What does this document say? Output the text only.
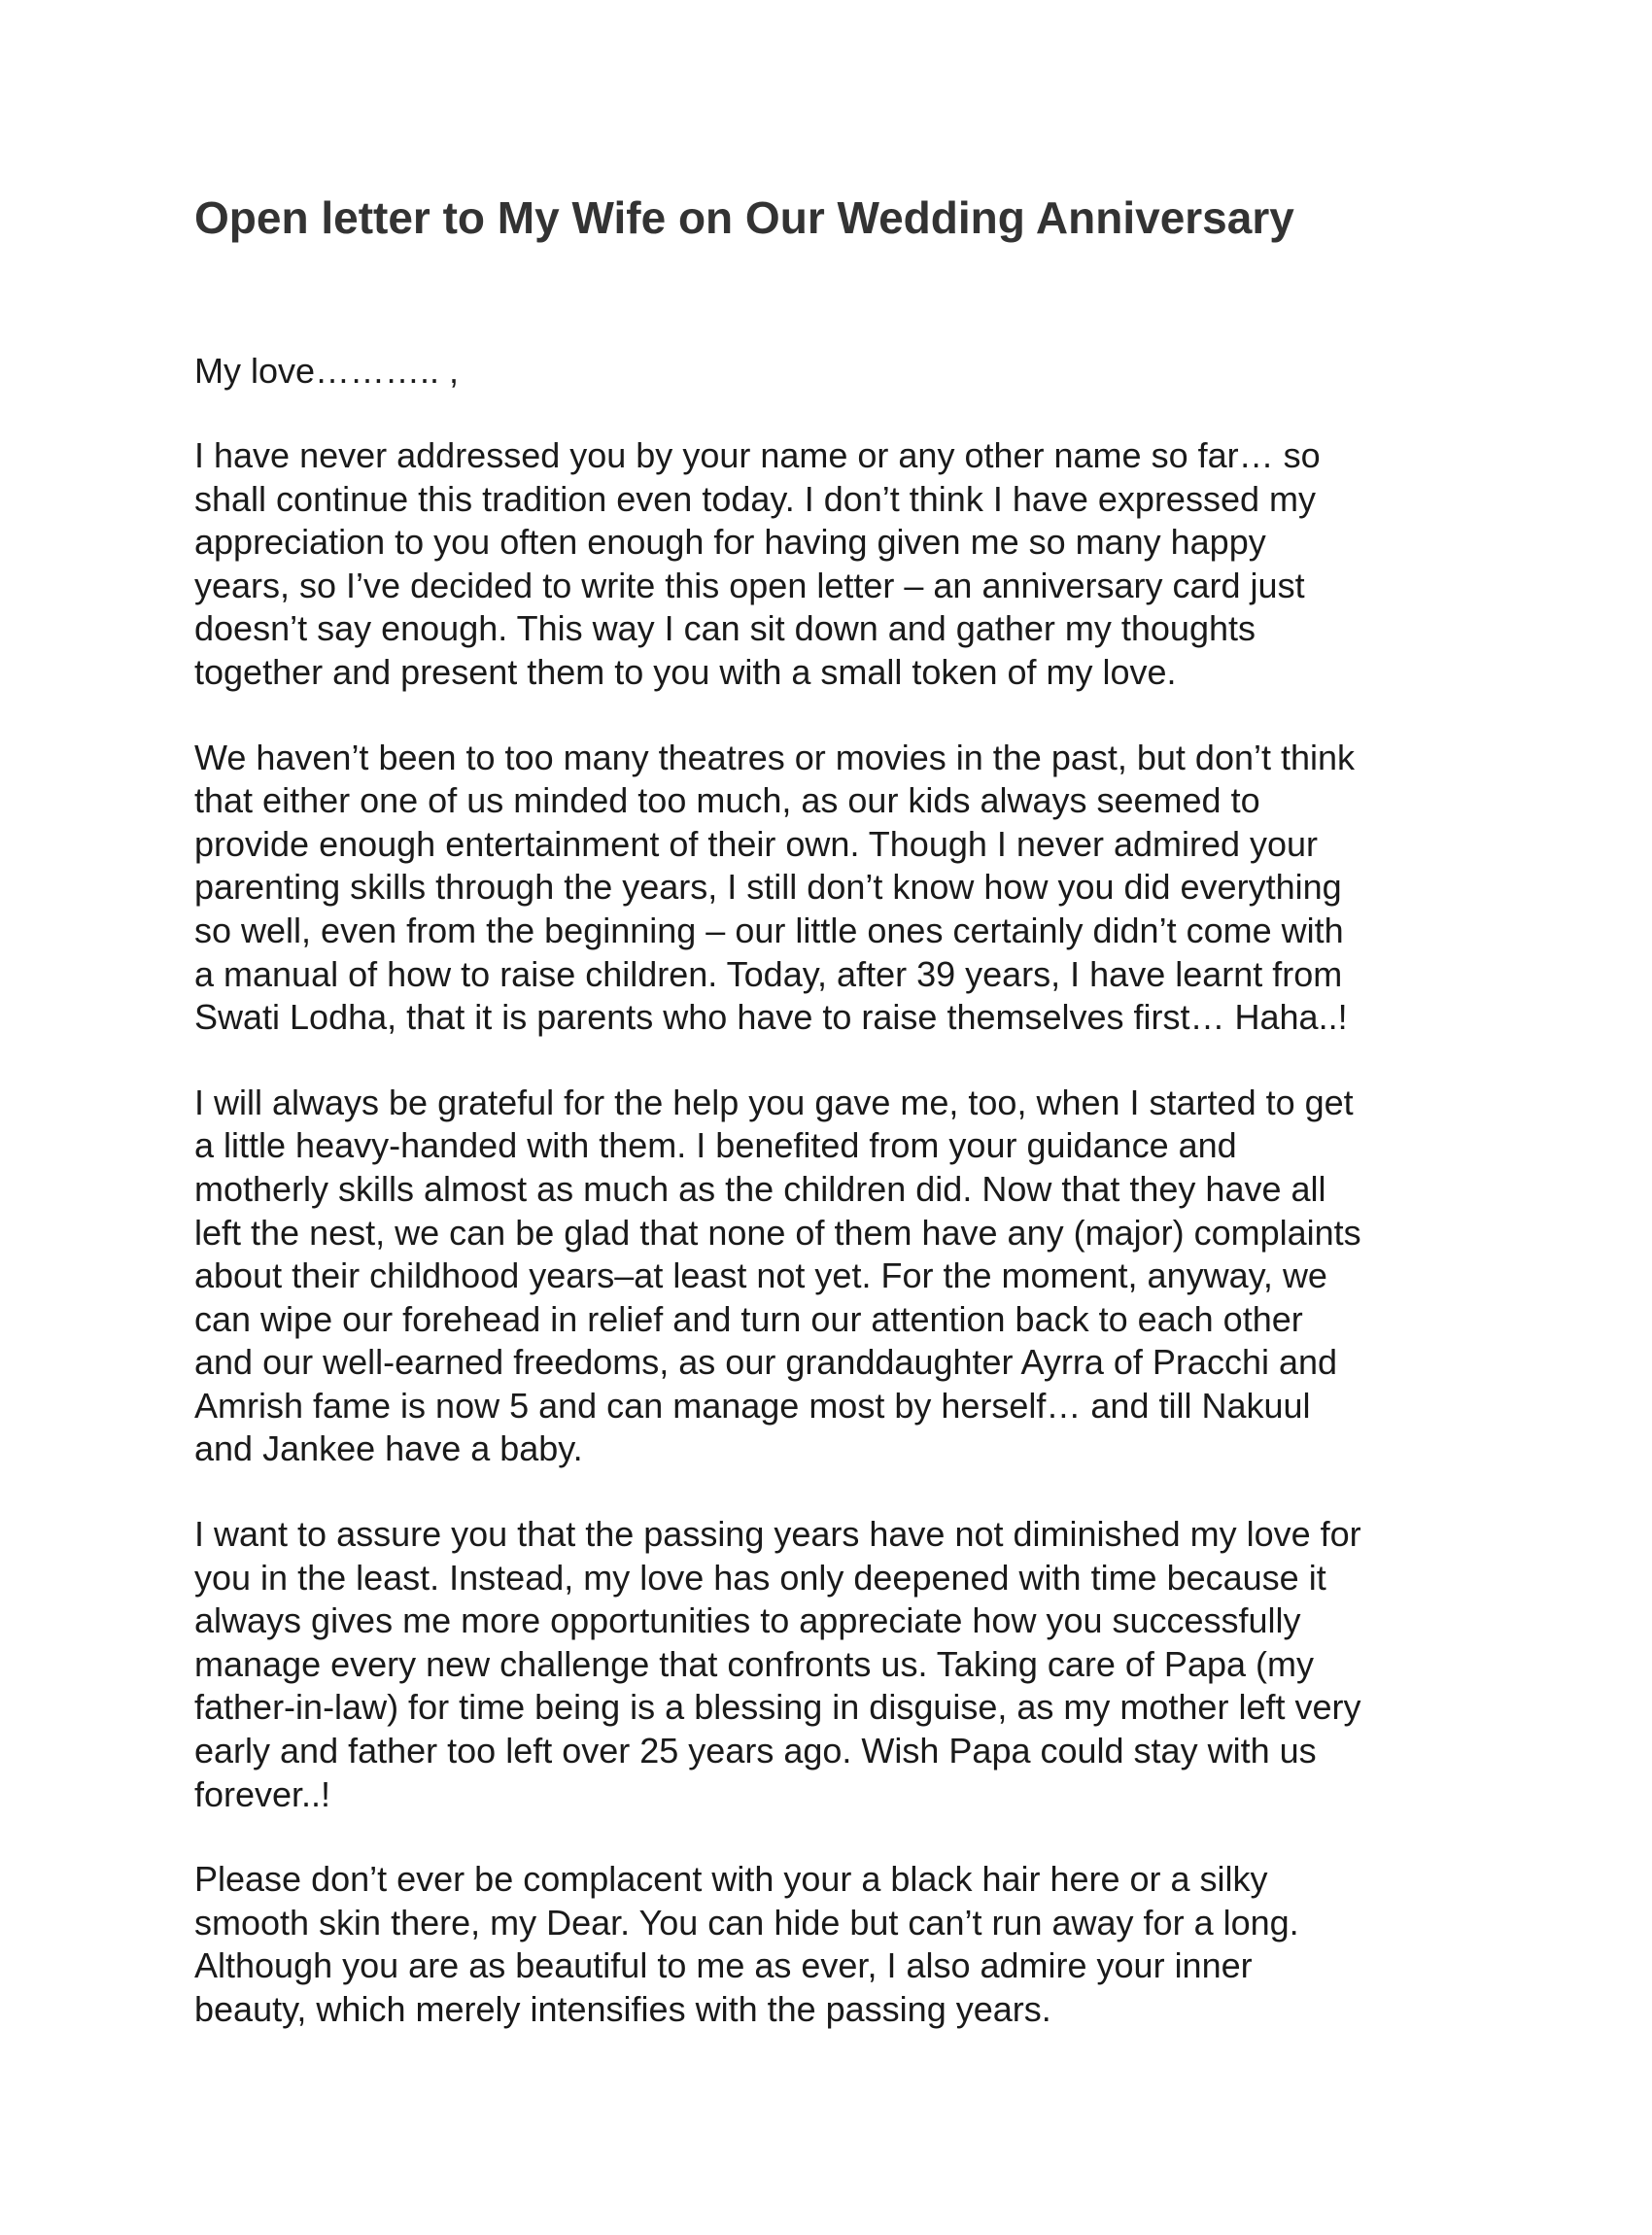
Open letter to My Wife on Our Wedding Anniversary

My love……….. ,

I have never addressed you by your name or any other name so far… so
shall continue this tradition even today. I don’t think I have expressed my
appreciation to you often enough for having given me so many happy
years, so I’ve decided to write this open letter – an anniversary card just
doesn’t say enough. This way I can sit down and gather my thoughts
together and present them to you with a small token of my love.

We haven’t been to too many theatres or movies in the past, but don’t think
that either one of us minded too much, as our kids always seemed to
provide enough entertainment of their own. Though I never admired your
parenting skills through the years, I still don’t know how you did everything
so well, even from the beginning – our little ones certainly didn’t come with
a manual of how to raise children. Today, after 39 years, I have learnt from
Swati Lodha, that it is parents who have to raise themselves first… Haha..!

I will always be grateful for the help you gave me, too, when I started to get
a little heavy-handed with them. I benefited from your guidance and
motherly skills almost as much as the children did. Now that they have all
left the nest, we can be glad that none of them have any (major) complaints
about their childhood years–at least not yet. For the moment, anyway, we
can wipe our forehead in relief and turn our attention back to each other
and our well-earned freedoms, as our granddaughter Ayrra of Pracchi and
Amrish fame is now 5 and can manage most by herself… and till Nakuul
and Jankee have a baby.

I want to assure you that the passing years have not diminished my love for
you in the least. Instead, my love has only deepened with time because it
always gives me more opportunities to appreciate how you successfully
manage every new challenge that confronts us. Taking care of Papa (my
father-in-law) for time being is a blessing in disguise, as my mother left very
early and father too left over 25 years ago. Wish Papa could stay with us
forever..!

Please don’t ever be complacent with your a black hair here or a silky
smooth skin there, my Dear. You can hide but can’t run away for a long.
Although you are as beautiful to me as ever, I also admire your inner
beauty, which merely intensifies with the passing years.
